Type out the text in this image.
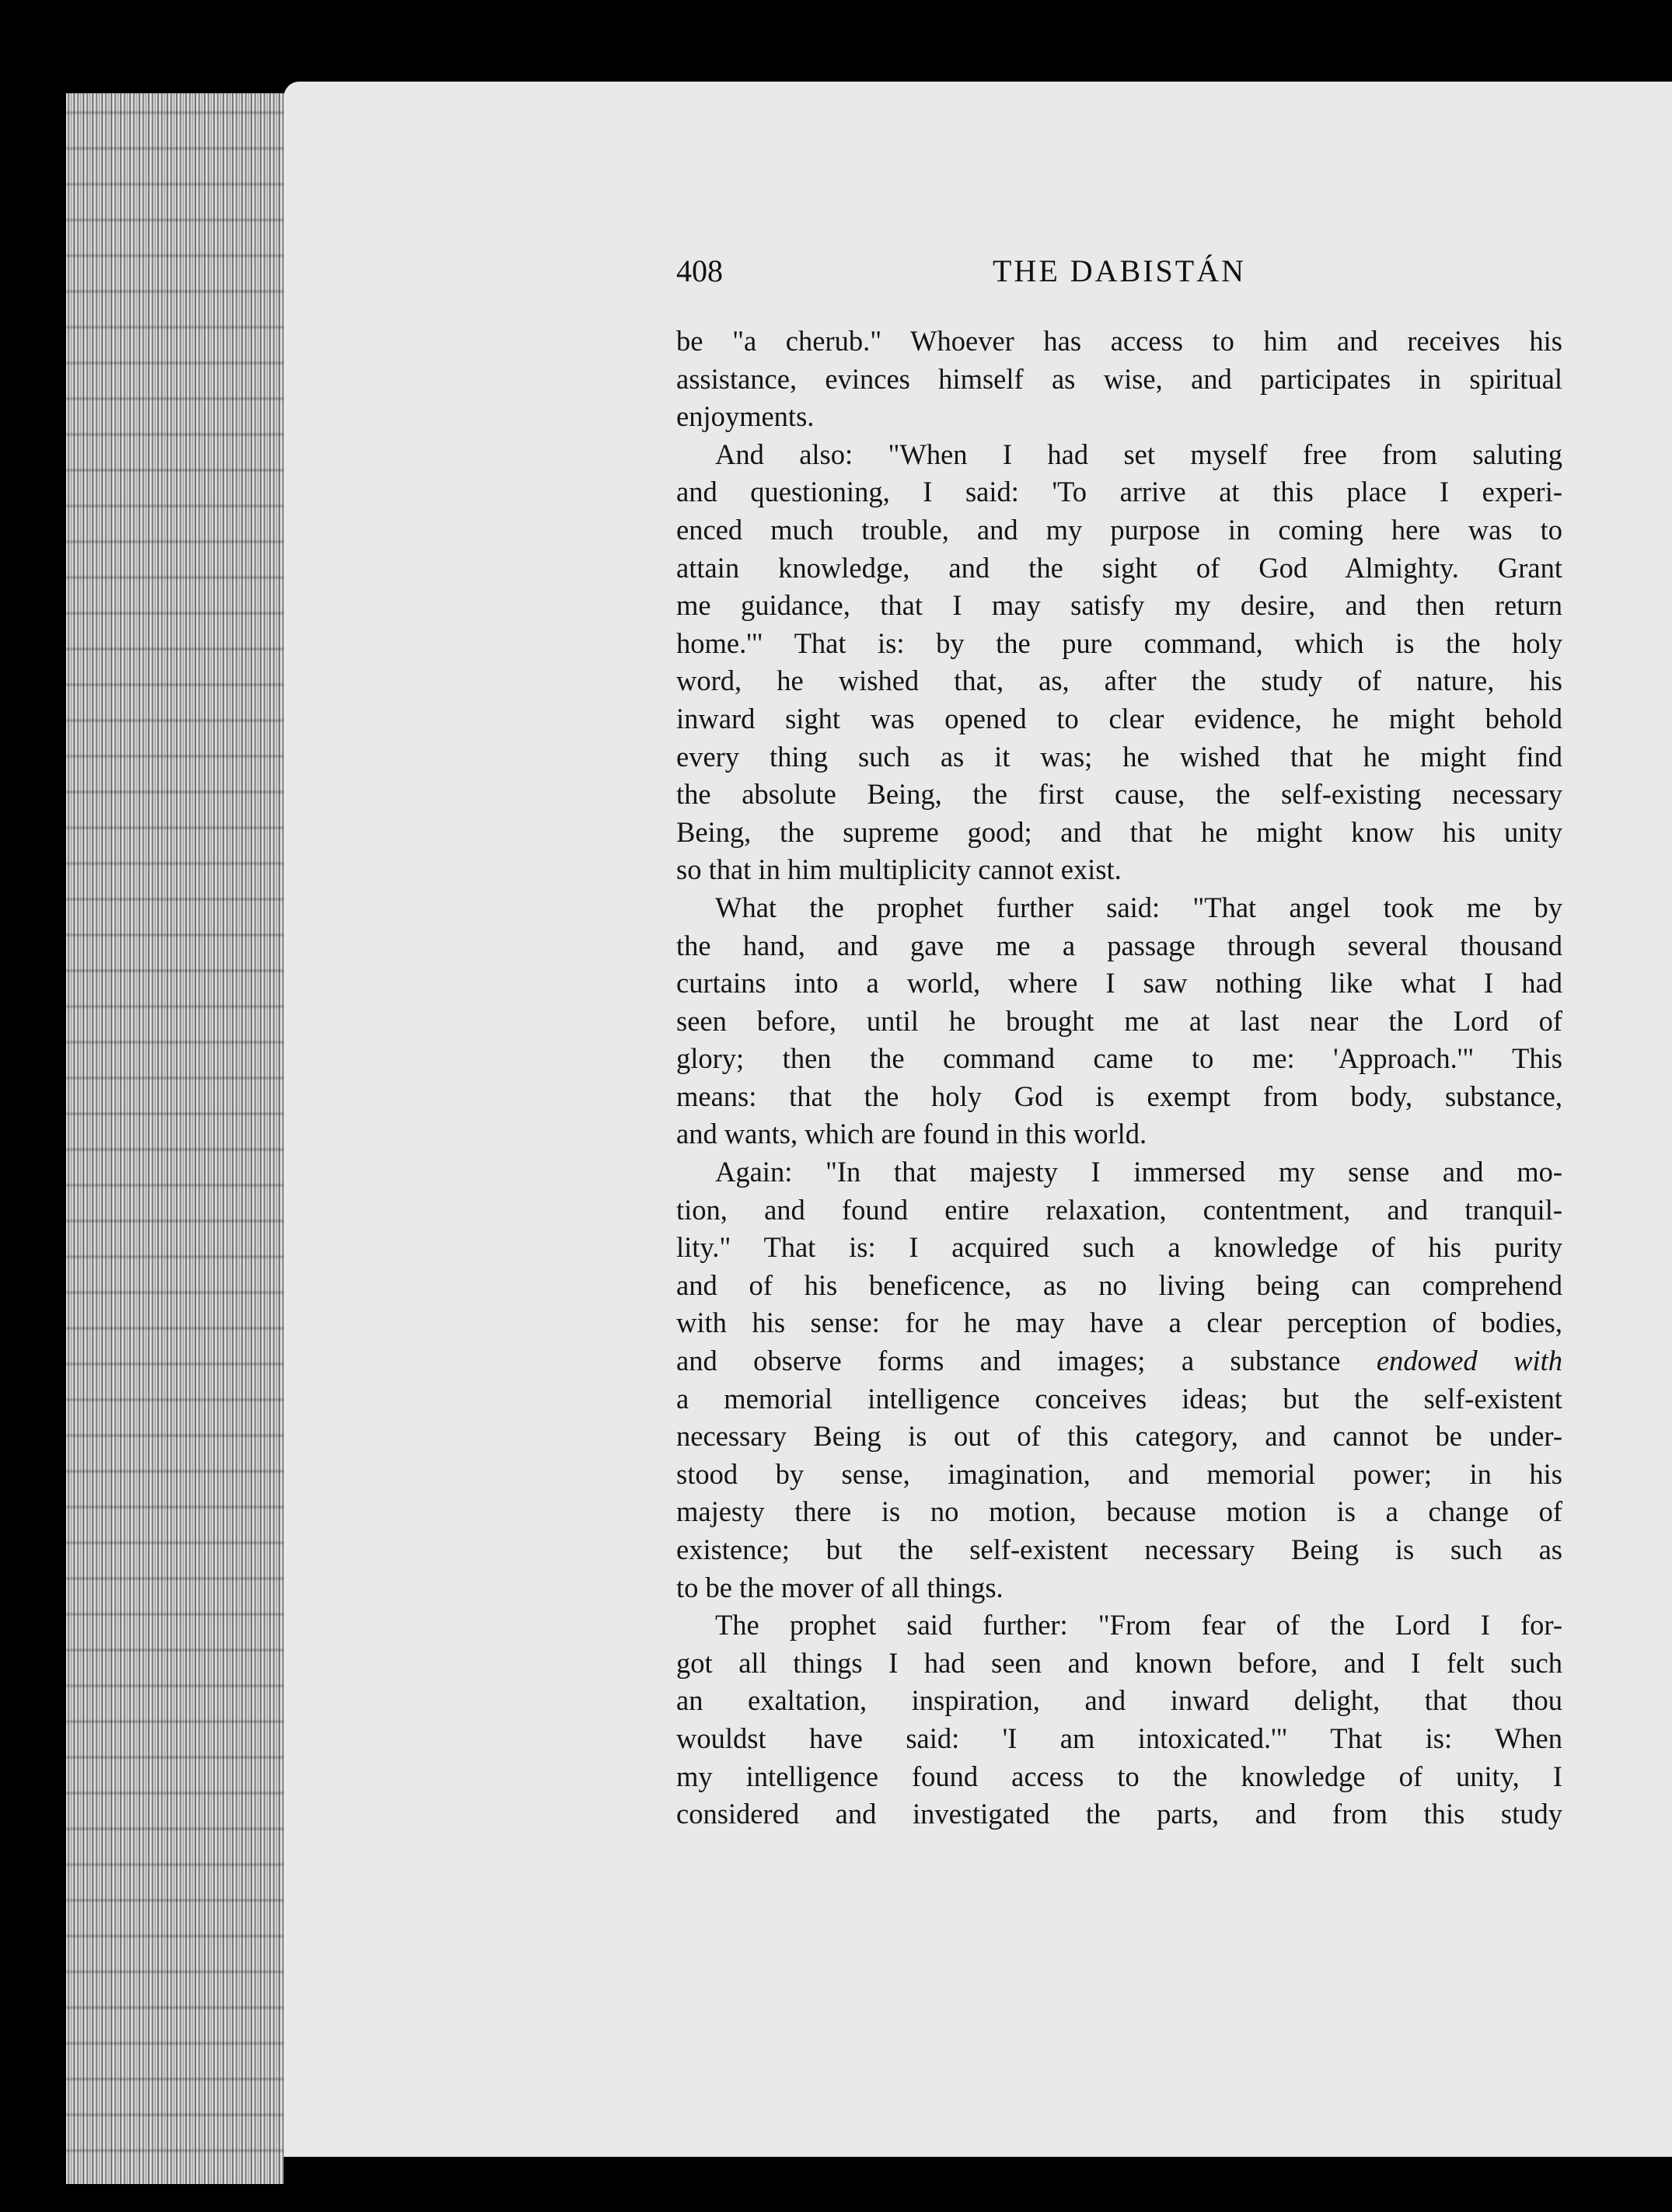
408	THE DABISTÁN
be "a cherub." Whoever has access to him and receives his
assistance, evinces himself as wise, and participates in spiritual
enjoyments.
And also: "When I had set myself free from saluting
and questioning, I said: 'To arrive at this place I experi-
enced much trouble, and my purpose in coming here was to
attain knowledge, and the sight of God Almighty. Grant
me guidance, that I may satisfy my desire, and then return
home.'" That is: by the pure command, which is the holy
word, he wished that, as, after the study of nature, his
inward sight was opened to clear evidence, he might behold
every thing such as it was; he wished that he might find
the absolute Being, the first cause, the self-existing necessary
Being, the supreme good; and that he might know his unity
so that in him multiplicity cannot exist.
What the prophet further said: "That angel took me by
the hand, and gave me a passage through several thousand
curtains into a world, where I saw nothing like what I had
seen before, until he brought me at last near the Lord of
glory; then the command came to me: 'Approach.'" This
means: that the holy God is exempt from body, substance,
and wants, which are found in this world.
Again: "In that majesty I immersed my sense and mo-
tion, and found entire relaxation, contentment, and tranquil-
lity." That is: I acquired such a knowledge of his purity
and of his beneficence, as no living being can comprehend
with his sense: for he may have a clear perception of bodies,
and observe forms and images; a substance endowed with
a memorial intelligence conceives ideas; but the self-existent
necessary Being is out of this category, and cannot be under-
stood by sense, imagination, and memorial power; in his
majesty there is no motion, because motion is a change of
existence; but the self-existent necessary Being is such as
to be the mover of all things.
The prophet said further: "From fear of the Lord I for-
got all things I had seen and known before, and I felt such
an exaltation, inspiration, and inward delight, that thou
wouldst have said: 'I am intoxicated.'" That is: When
my intelligence found access to the knowledge of unity, I
considered and investigated the parts, and from this study
